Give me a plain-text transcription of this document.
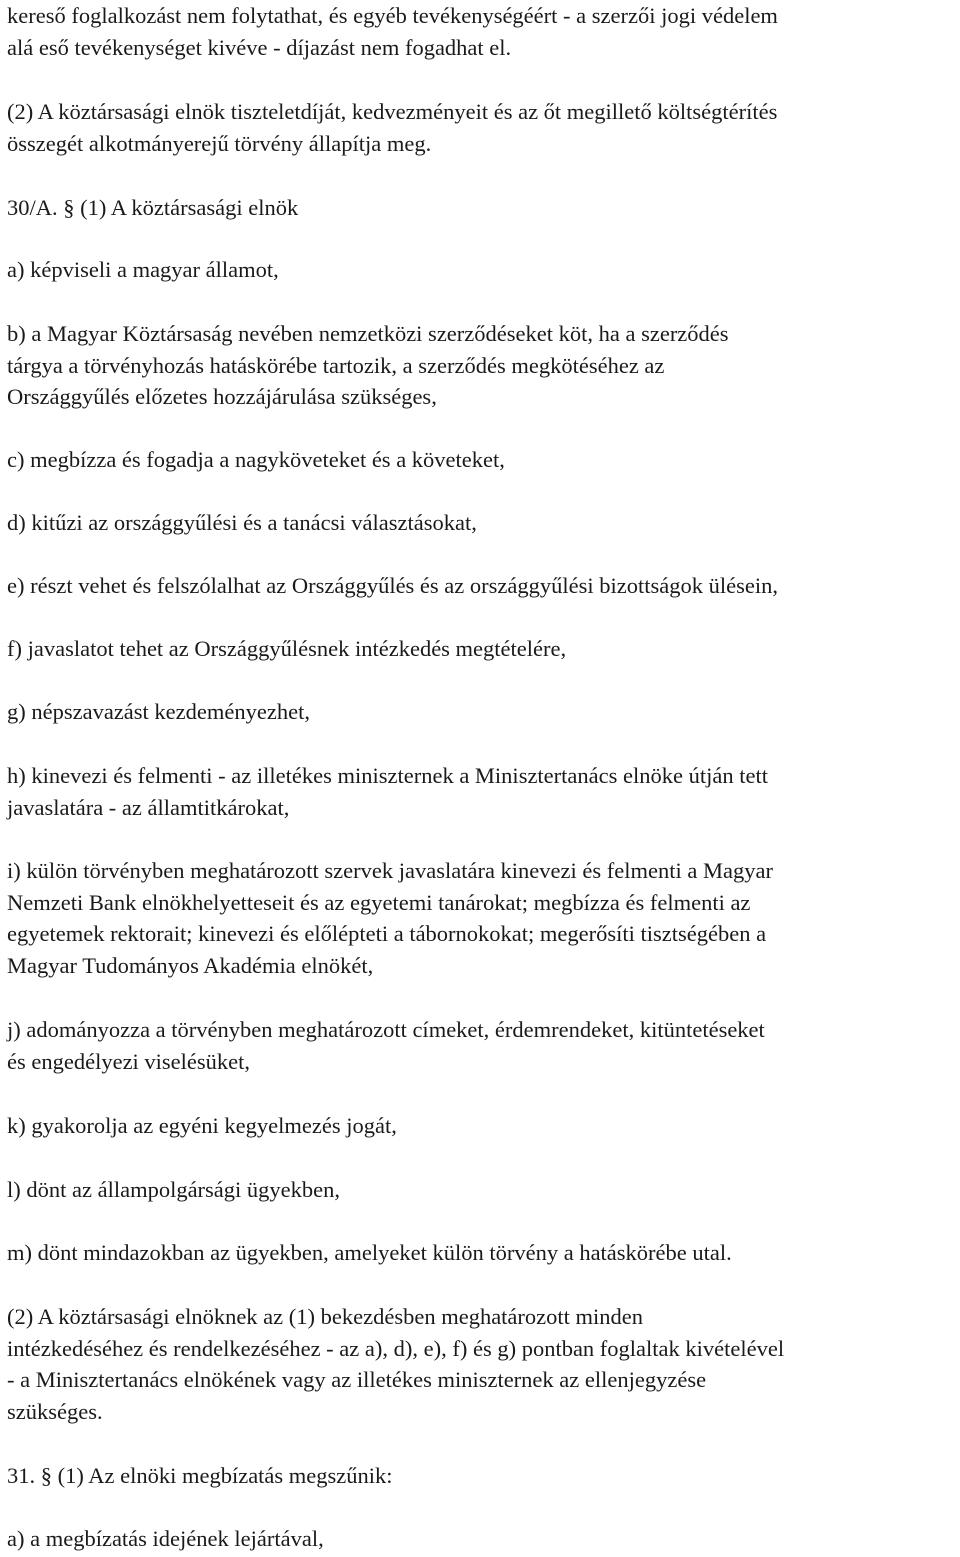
kereső foglalkozást nem folytathat, és egyéb tevékenységéért - a szerzői jogi védelem
alá eső tevékenységet kivéve - díjazást nem fogadhat el.
(2) A köztársasági elnök tiszteletdíját, kedvezményeit és az őt megillető költségtérítés
összegét alkotmányerejű törvény állapítja meg.
30/A. § (1) A köztársasági elnök
a) képviseli a magyar államot,
b) a Magyar Köztársaság nevében nemzetközi szerződéseket köt, ha a szerződés
tárgya a törvényhozás hatáskörébe tartozik, a szerződés megkötéséhez az
Országgyűlés előzetes hozzájárulása szükséges,
c) megbízza és fogadja a nagyköveteket és a követeket,
d) kitűzi az országgyűlési és a tanácsi választásokat,
e) részt vehet és felszólalhat az Országgyűlés és az országgyűlési bizottságok ülésein,
f) javaslatot tehet az Országgyűlésnek intézkedés megtételére,
g) népszavazást kezdeményezhet,
h) kinevezi és felmenti - az illetékes miniszternek a Minisztertanács elnöke útján tett
javaslatára - az államtitkárokat,
i) külön törvényben meghatározott szervek javaslatára kinevezi és felmenti a Magyar
Nemzeti Bank elnökhelyetteseit és az egyetemi tanárokat; megbízza és felmenti az
egyetemek rektorait; kinevezi és előlépteti a tábornokokat; megerősíti tisztségében a
Magyar Tudományos Akadémia elnökét,
j) adományozza a törvényben meghatározott címeket, érdemrendeket, kitüntetéseket
és engedélyezi viselésüket,
k) gyakorolja az egyéni kegyelmezés jogát,
l) dönt az állampolgársági ügyekben,
m) dönt mindazokban az ügyekben, amelyeket külön törvény a hatáskörébe utal.
(2) A köztársasági elnöknek az (1) bekezdésben meghatározott minden
intézkedéséhez és rendelkezéséhez - az a), d), e), f) és g) pontban foglaltak kivételével
- a Minisztertanács elnökének vagy az illetékes miniszternek az ellenjegyzése
szükséges.
31. § (1) Az elnöki megbízatás megszűnik:
a) a megbízatás idejének lejártával,
